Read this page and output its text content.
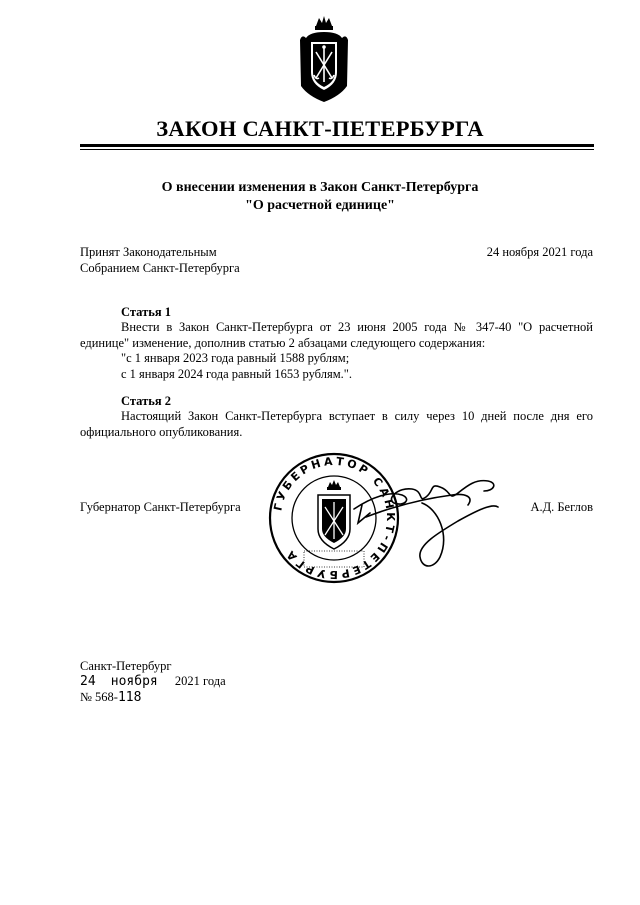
ЗАКОН САНКТ-ПЕТЕРБУРГА
О внесении изменения в Закон Санкт-Петербурга
"О расчетной единице"
Принят Законодательным
Собранием Санкт-Петербурга
24 ноября 2021 года
Статья 1

Внести в Закон Санкт-Петербурга от 23 июня 2005 года № 347-40 "О расчетной единице" изменение, дополнив статью 2 абзацами следующего содержания:

"с 1 января 2023 года равный 1588 рублям;

с 1 января 2024 года равный 1653 рублям.".

Статья 2

Настоящий Закон Санкт-Петербурга вступает в силу через 10 дней после дня его официального опубликования.

Губернатор Санкт-Петербурга	А.Д. Беглов
ГУБЕРНАТОР САНКТ-ПЕТЕРБУРГА
Санкт-Петербург
24 ноября 2021 года
№ 568-118
